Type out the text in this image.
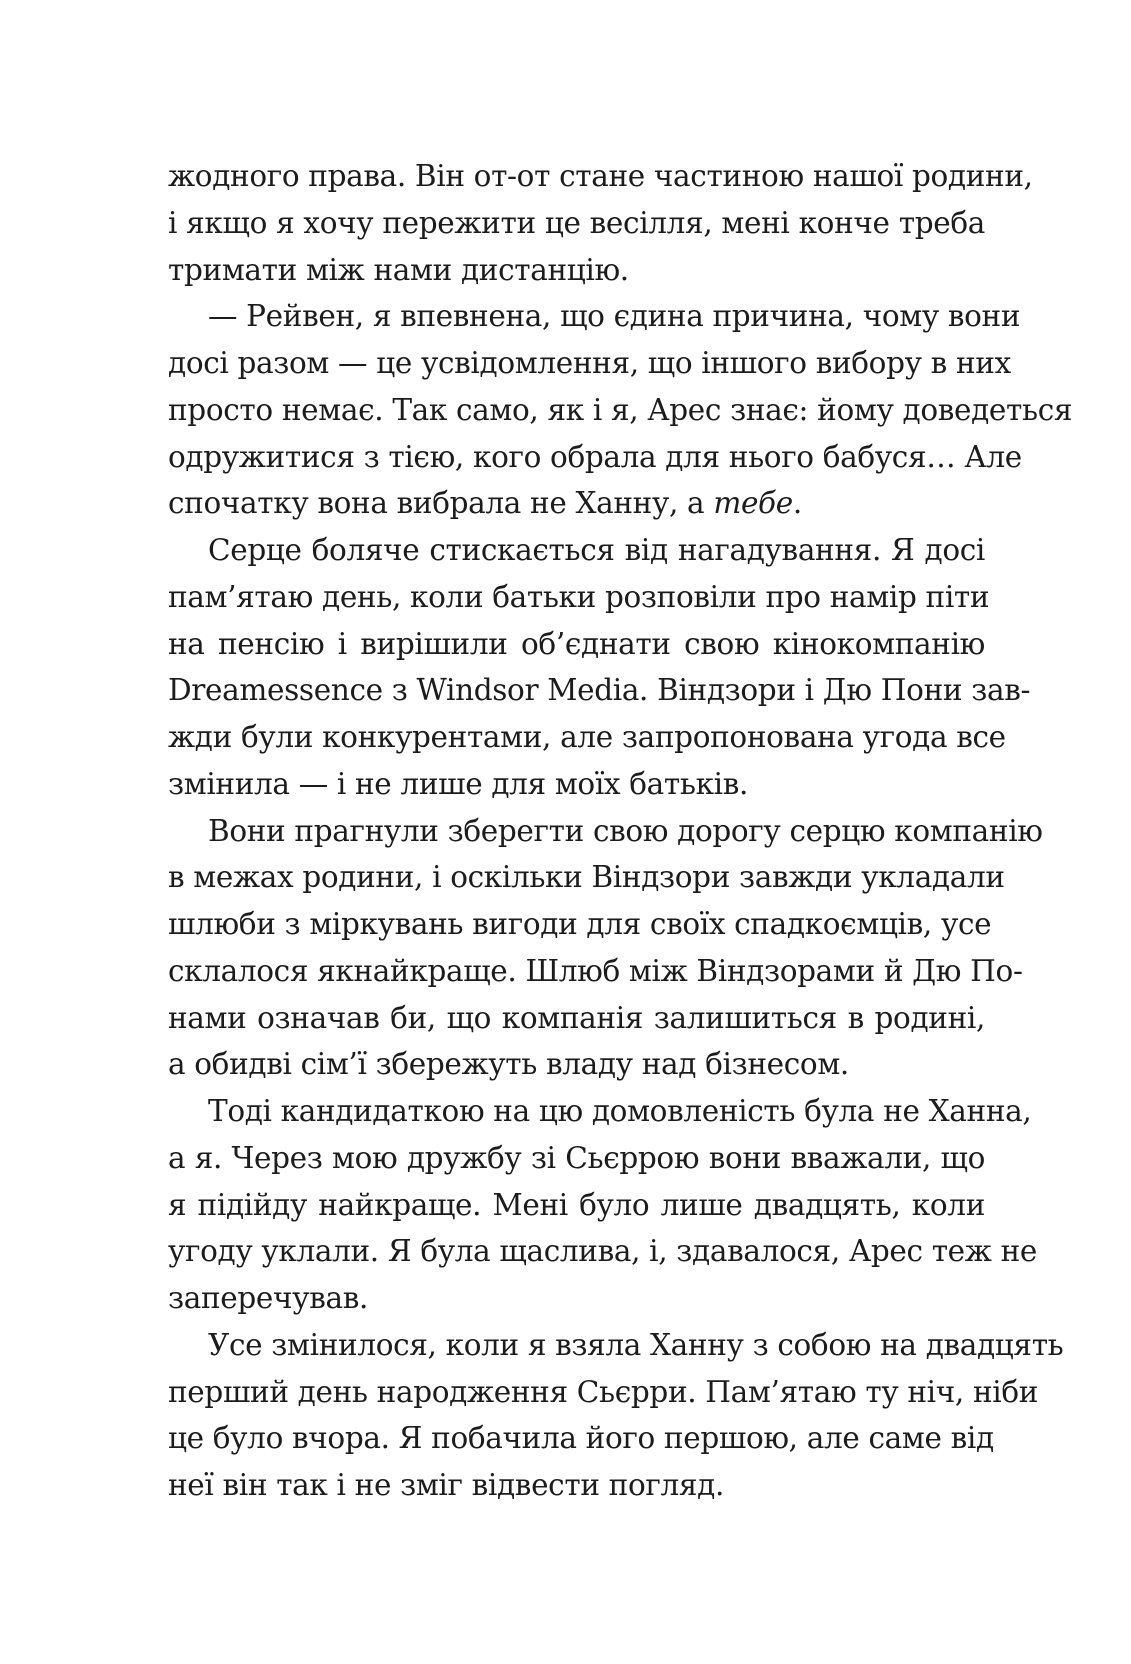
жодного права. Він от-от стане частиною нашої родини,
і якщо я хочу пережити це весілля, мені конче треба
тримати між нами дистанцію.
— Рейвен, я впевнена, що єдина причина, чому вони
досі разом — це усвідомлення, що іншого вибору в них
просто немає. Так само, як і я, Арес знає: йому доведеться
одружитися з тією, кого обрала для нього бабуся… Але
спочатку вона вибрала не Ханну, а тебе.
Серце боляче стискається від нагадування. Я досі
пам’ятаю день, коли батьки розповіли про намір піти
на пенсію і вирішили об’єднати свою кінокомпанію
Dreamessence з Windsor Media. Віндзори і Дю Пони зав-
жди були конкурентами, але запропонована угода все
змінила — і не лише для моїх батьків.
Вони прагнули зберегти свою дорогу серцю компанію
в межах родини, і оскільки Віндзори завжди укладали
шлюби з міркувань вигоди для своїх спадкоємців, усе
склалося якнайкраще. Шлюб між Віндзорами й Дю По-
нами означав би, що компанія залишиться в родині,
а обидві сім’ї збережуть владу над бізнесом.
Тоді кандидаткою на цю домовленість була не Ханна,
а я. Через мою дружбу зі Сьєррою вони вважали, що
я підійду найкраще. Мені було лише двадцять, коли
угоду уклали. Я була щаслива, і, здавалося, Арес теж не
заперечував.
Усе змінилося, коли я взяла Ханну з собою на двадцять
перший день народження Сьєрри. Пам’ятаю ту ніч, ніби
це було вчора. Я побачила його першою, але саме від
неї він так і не зміг відвести погляд.
